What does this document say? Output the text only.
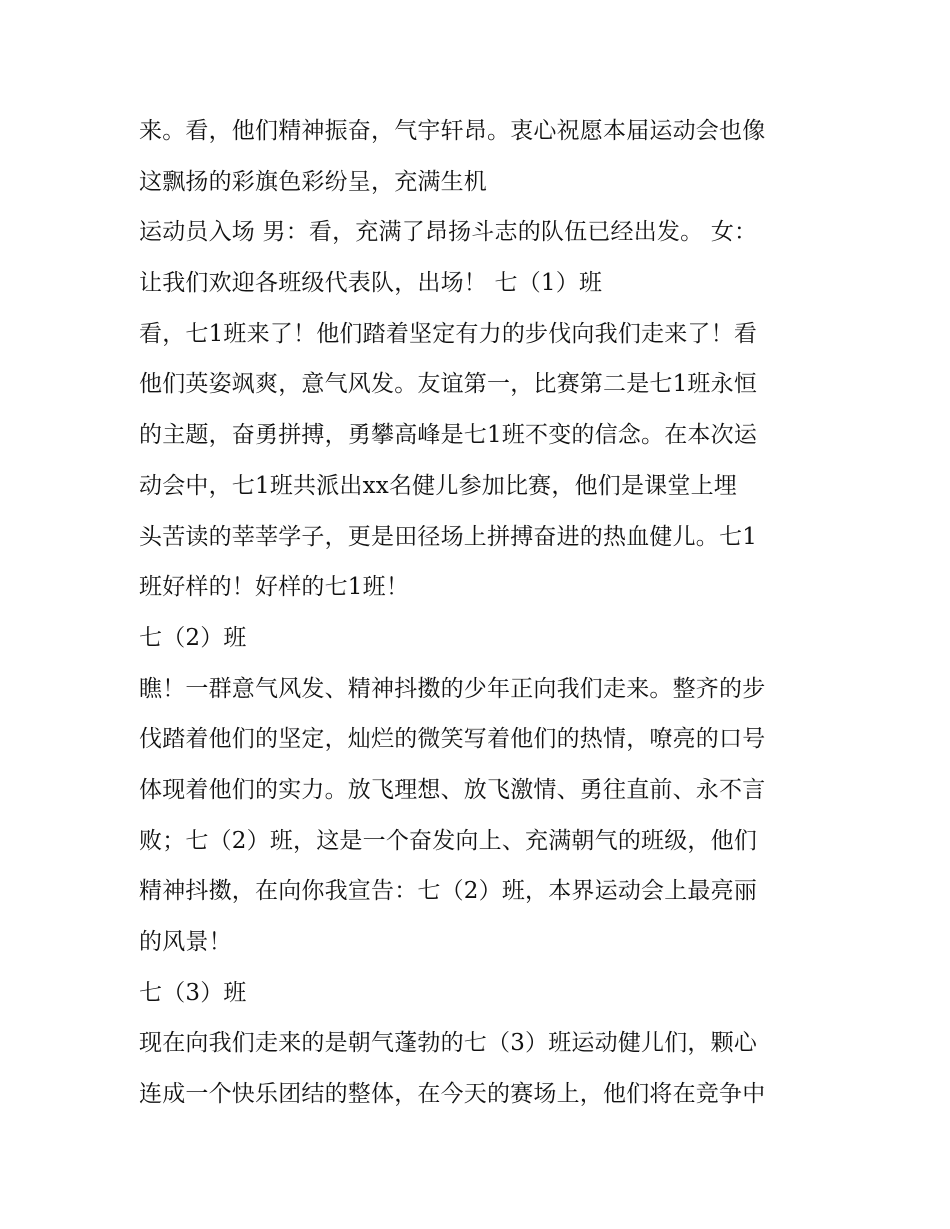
来。看，他们精神振奋，气宇轩昂。衷心祝愿本届运动会也像
这飘扬的彩旗色彩纷呈，充满生机
运动员入场 男：看，充满了昂扬斗志的队伍已经出发。 女：
让我们欢迎各班级代表队，出场！ 七（1）班
看，七1班来了！他们踏着坚定有力的步伐向我们走来了！看
他们英姿飒爽，意气风发。友谊第一，比赛第二是七1班永恒
的主题，奋勇拼搏，勇攀高峰是七1班不变的信念。在本次运
动会中，七1班共派出xx名健儿参加比赛，他们是课堂上埋
头苦读的莘莘学子，更是田径场上拼搏奋进的热血健儿。七1
班好样的！好样的七1班！
七（2）班
瞧！一群意气风发、精神抖擞的少年正向我们走来。整齐的步
伐踏着他们的坚定，灿烂的微笑写着他们的热情，嘹亮的口号
体现着他们的实力。放飞理想、放飞激情、勇往直前、永不言
败；七（2）班，这是一个奋发向上、充满朝气的班级，他们
精神抖擞，在向你我宣告：七（2）班，本界运动会上最亮丽
的风景！
七（3）班
现在向我们走来的是朝气蓬勃的七（3）班运动健儿们，颗心
连成一个快乐团结的整体，在今天的赛场上，他们将在竞争中
